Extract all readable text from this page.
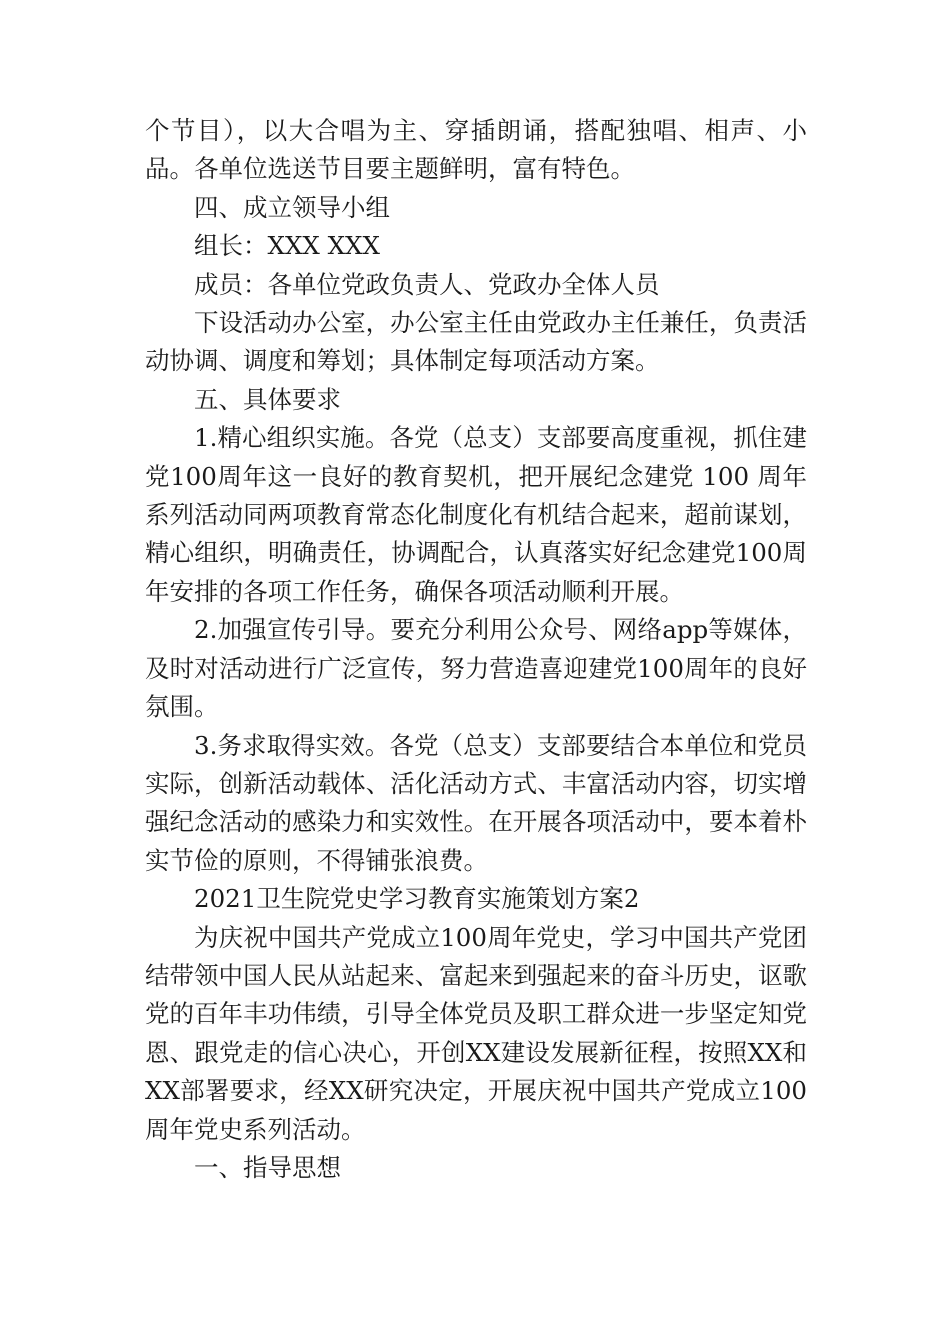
个节目），以大合唱为主、穿插朗诵，搭配独唱、相声、小品。各单位选送节目要主题鲜明，富有特色。

四、成立领导小组

组长：XXX XXX

成员：各单位党政负责人、党政办全体人员

下设活动办公室，办公室主任由党政办主任兼任，负责活动协调、调度和筹划；具体制定每项活动方案。

五、具体要求

1.精心组织实施。各党（总支）支部要高度重视，抓住建党100周年这一良好的教育契机，把开展纪念建党 100 周年系列活动同两项教育常态化制度化有机结合起来，超前谋划，精心组织，明确责任，协调配合，认真落实好纪念建党100周年安排的各项工作任务，确保各项活动顺利开展。

2.加强宣传引导。要充分利用公众号、网络app等媒体，及时对活动进行广泛宣传，努力营造喜迎建党100周年的良好氛围。

3.务求取得实效。各党（总支）支部要结合本单位和党员实际，创新活动载体、活化活动方式、丰富活动内容，切实增强纪念活动的感染力和实效性。在开展各项活动中，要本着朴实节俭的原则，不得铺张浪费。

2021卫生院党史学习教育实施策划方案2

为庆祝中国共产党成立100周年党史，学习中国共产党团结带领中国人民从站起来、富起来到强起来的奋斗历史，讴歌党的百年丰功伟绩，引导全体党员及职工群众进一步坚定知党恩、跟党走的信心决心，开创XX建设发展新征程，按照XX和XX部署要求，经XX研究决定，开展庆祝中国共产党成立100周年党史系列活动。

一、指导思想
